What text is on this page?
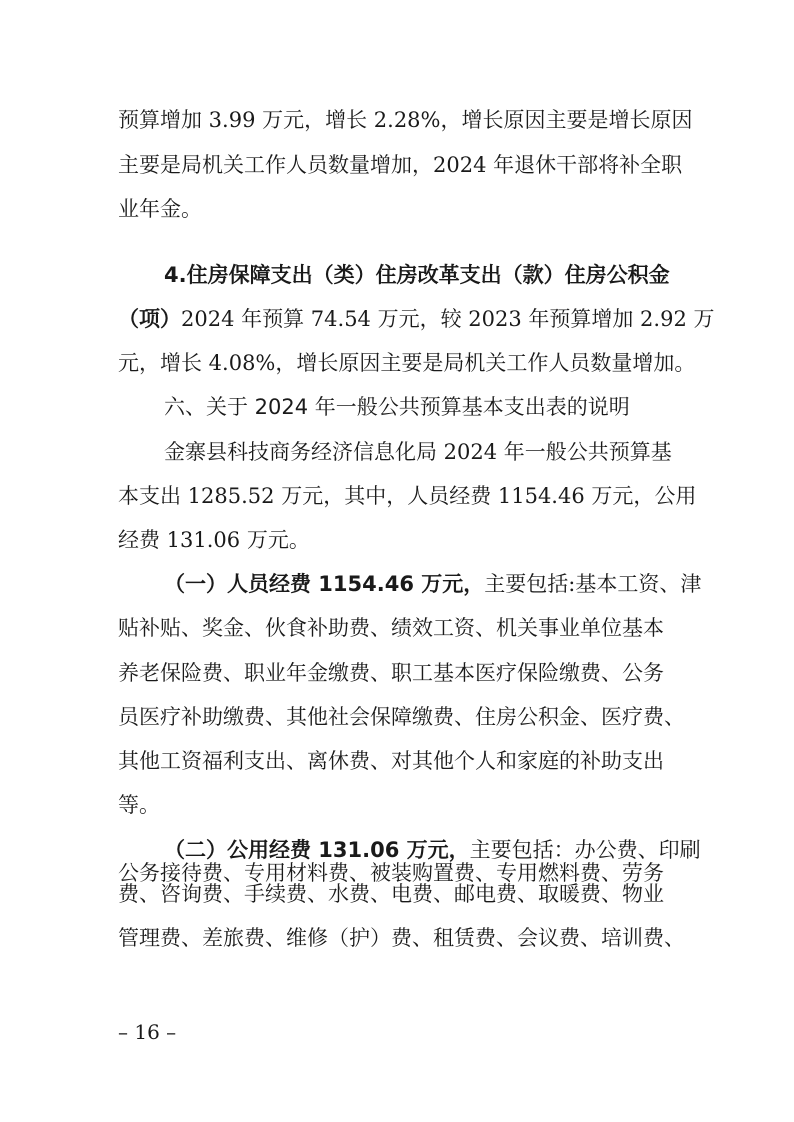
预算增加 3.99 万元，增长 2.28%，增长原因主要是增长原因
主要是局机关工作人员数量增加，2024 年退休干部将补全职
业年金。
4.住房保障支出（类）住房改革支出（款）住房公积金
（项）2024 年预算 74.54 万元，较 2023 年预算增加 2.92 万
元，增长 4.08%，增长原因主要是局机关工作人员数量增加。
六、关于 2024 年一般公共预算基本支出表的说明
金寨县科技商务经济信息化局 2024 年一般公共预算基
本支出 1285.52 万元，其中，人员经费 1154.46 万元，公用
经费 131.06 万元。
（一）人员经费 1154.46 万元，主要包括:基本工资、津
贴补贴、奖金、伙食补助费、绩效工资、机关事业单位基本
养老保险费、职业年金缴费、职工基本医疗保险缴费、公务
员医疗补助缴费、其他社会保障缴费、住房公积金、医疗费、
其他工资福利支出、离休费、对其他个人和家庭的补助支出
等。
（二）公用经费 131.06 万元，主要包括：办公费、印刷
费、咨询费、手续费、水费、电费、邮电费、取暖费、物业
管理费、差旅费、维修（护）费、租赁费、会议费、培训费、
公务接待费、专用材料费、被装购置费、专用燃料费、劳务
– 16 –
